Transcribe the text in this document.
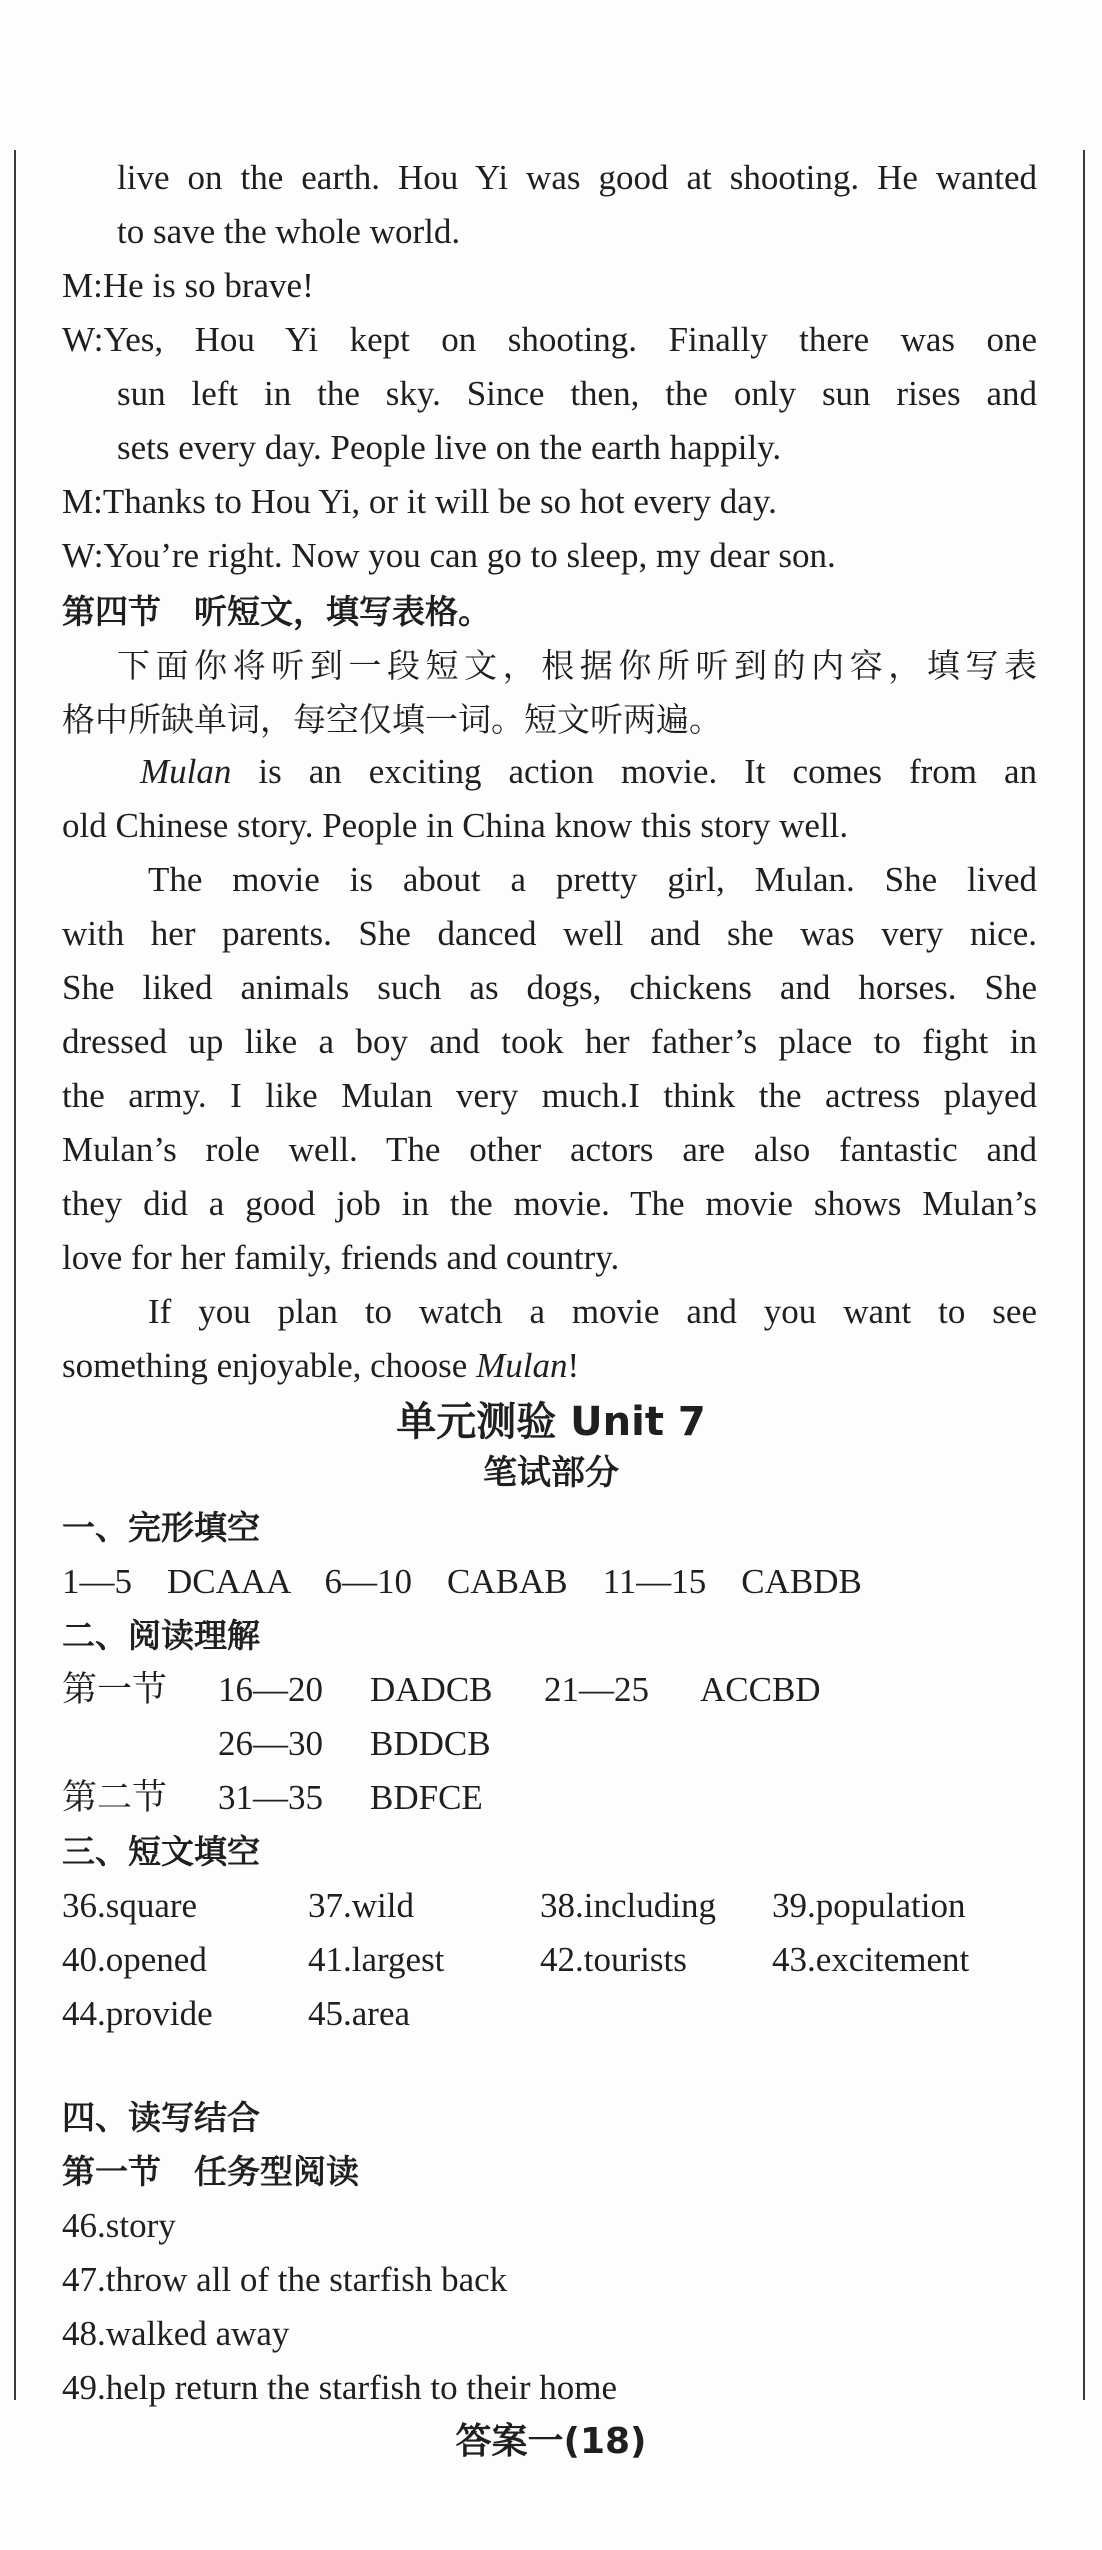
live on the earth. Hou Yi was good at shooting. He wanted
to save the whole world.
M:He is so brave!
W:Yes, Hou Yi kept on shooting. Finally there was one
sun left in the sky. Since then, the only sun rises and
sets every day. People live on the earth happily.
M:Thanks to Hou Yi, or it will be so hot every day.
W:You’re right. Now you can go to sleep, my dear son.
第四节　听短文，填写表格。
下面你将听到一段短文，根据你所听到的内容，填写表
格中所缺单词，每空仅填一词。短文听两遍。
Mulan is an exciting action movie. It comes from an
old Chinese story. People in China know this story well.
The movie is about a pretty girl, Mulan. She lived
with her parents. She danced well and she was very nice.
She liked animals such as dogs, chickens and horses. She
dressed up like a boy and took her father’s place to fight in
the army. I like Mulan very much.I think the actress played
Mulan’s role well. The other actors are also fantastic and
they did a good job in the movie. The movie shows Mulan’s
love for her family, friends and country.
If you plan to watch a movie and you want to see
something enjoyable, choose Mulan!
单元测验 Unit 7
笔试部分
一、完形填空
1—5　DCAAA　6—10　CABAB　11—15　CABDB
二、阅读理解
第一节 16—20 DADCB 21—25 ACCBD
26—30 BDDCB
第二节 31—35 BDFCE
三、短文填空
36.square	37.wild	38.including 39.population
40.opened	41.largest	42.tourists 43.excitement
44.provide	45.area
四、读写结合
第一节　任务型阅读
46.story
47.throw all of the starfish back
48.walked away
49.help return the starfish to their home
答案一(18)
